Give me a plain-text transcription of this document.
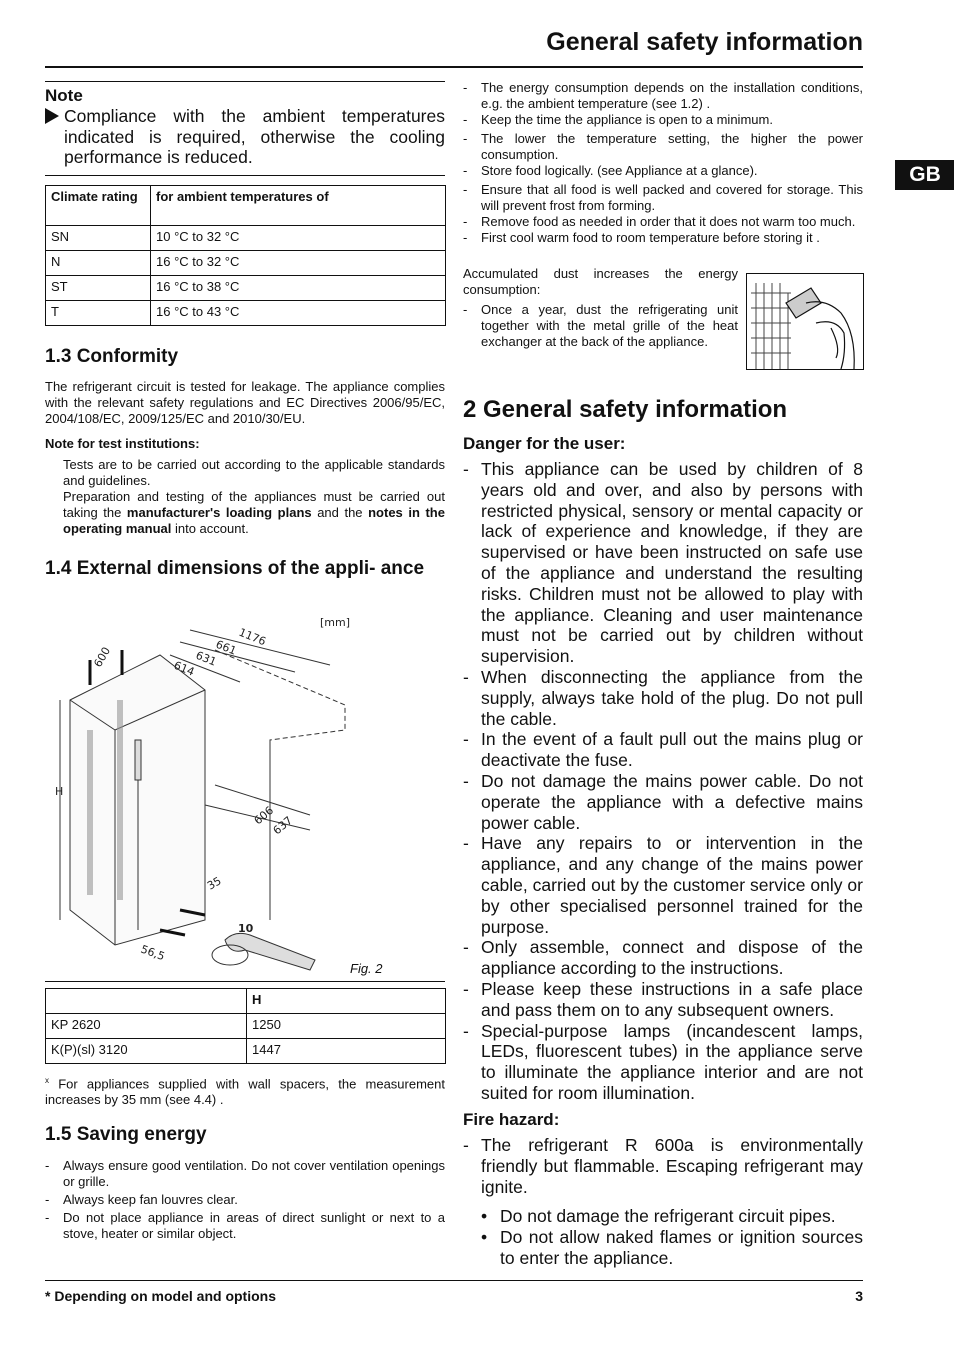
General safety information
GB
Note
Compliance with the ambient temperatures indicated is required, otherwise the cooling performance is reduced.
Climate rating	for ambient temperatures of
SN	10 °C to 32 °C
N	16 °C to 32 °C
ST	16 °C to 38 °C
T	16 °C to 43 °C
1.3 Conformity
The refrigerant circuit is tested for leakage. The appliance complies with the relevant safety regulations and EC Directives 2006/95/EC, 2004/108/EC, 2009/125/EC and 2010/30/EU.
Note for test institutions:
Tests are to be carried out according to the applicable standards and guidelines.
Preparation and testing of the appliances must be carried out taking the manufacturer's loading plans and the notes in the operating manual into account.
1.4 External dimensions of the appli- ance
[mm]
600
1176
661
631
614
606
637
H
35
10
56,5
Fig. 2
	H
KP 2620	1250
K(P)(sl) 3120	1447
$^x$ For appliances supplied with wall spacers, the measurement increases by 35 mm (see 4.4) .
1.5 Saving energy
- Always ensure good ventilation. Do not cover ventilation openings or grille.
- Always keep fan louvres clear.
- Do not place appliance in areas of direct sunlight or next to a stove, heater or similar object.
- The energy consumption depends on the installation conditions, e.g. the ambient temperature (see 1.2) .
- Keep the time the appliance is open to a minimum.
- The lower the temperature setting, the higher the power consumption.
- Store food logically. (see Appliance at a glance).
- Ensure that all food is well packed and covered for storage. This will prevent frost from forming.
- Remove food as needed in order that it does not warm too much.
- First cool warm food to room temperature before storing it .
Accumulated dust increases the energy consumption:
- Once a year, dust the refrigerating unit together with the metal grille of the heat exchanger at the back of the appliance.
2 General safety information
Danger for the user:
- This appliance can be used by children of 8 years old and over, and also by persons with restricted physical, sensory or mental capacity or lack of experience and knowledge, if they are supervised or have been instructed on safe use of the appliance and understand the resulting risks. Children must not be allowed to play with the appliance. Cleaning and user maintenance must not be carried out by children without supervision.
- When disconnecting the appliance from the supply, always take hold of the plug. Do not pull the cable.
- In the event of a fault pull out the mains plug or deactivate the fuse.
- Do not damage the mains power cable. Do not operate the appliance with a defective mains power cable.
- Have any repairs to or intervention in the appliance, and any change of the mains power cable, carried out by the customer service only or by other specialised personnel trained for the purpose.
- Only assemble, connect and dispose of the appliance according to the instructions.
- Please keep these instructions in a safe place and pass them on to any subsequent owners.
- Special-purpose lamps (incandescent lamps, LEDs, fluorescent tubes) in the appliance serve to illuminate the appliance interior and are not suited for room illumination.
Fire hazard:
- The refrigerant R 600a is environmentally friendly but flammable. Escaping refrigerant may ignite.
• Do not damage the refrigerant circuit pipes.
• Do not allow naked flames or ignition sources to enter the appliance.
* Depending on model and options	3
